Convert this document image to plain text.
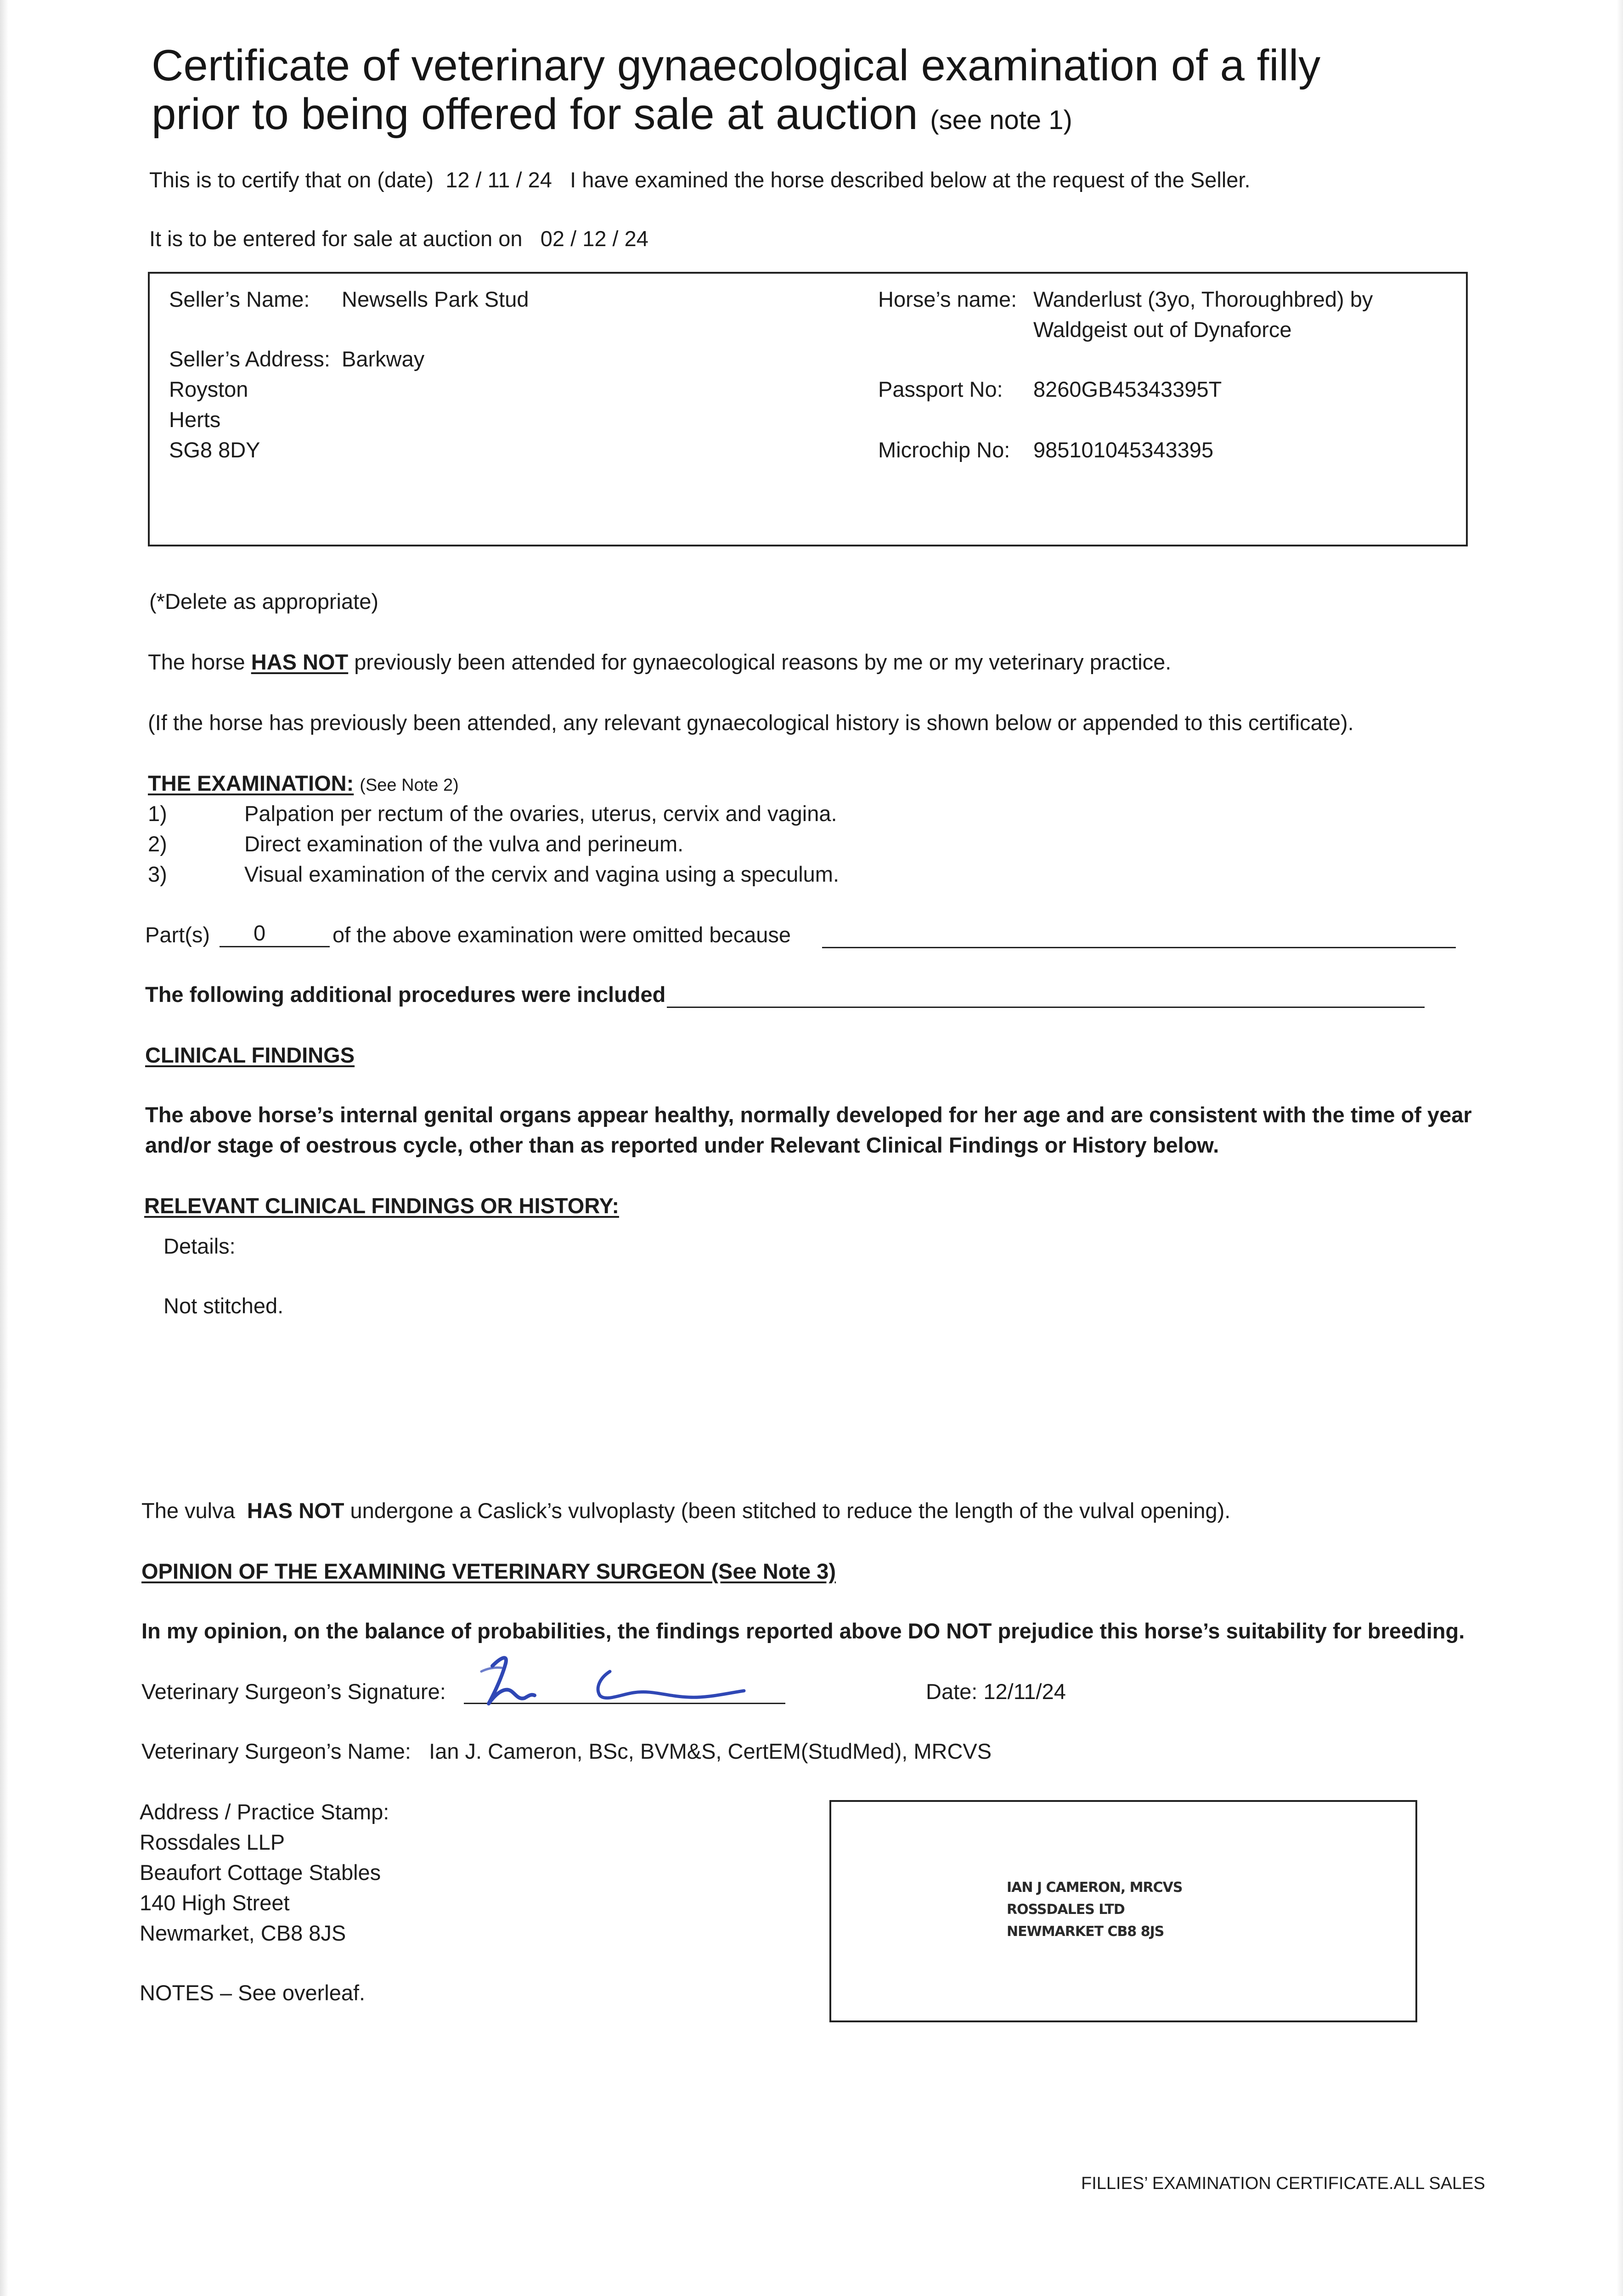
Certificate of veterinary gynaecological examination of a filly
prior to being offered for sale at auction (see note 1)
This is to certify that on (date) 12 / 11 / 24 I have examined the horse described below at the request of the Seller.
It is to be entered for sale at auction on 02 / 12 / 24
Seller’s Name: Newsells Park Stud
Seller’s Address: Barkway
Royston
Herts
SG8 8DY
Horse’s name: Wanderlust (3yo, Thoroughbred) by
Waldgeist out of Dynaforce
Passport No: 8260GB45343395T
Microchip No: 985101045343395
(*Delete as appropriate)
The horse HAS NOT previously been attended for gynaecological reasons by me or my veterinary practice.
(If the horse has previously been attended, any relevant gynaecological history is shown below or appended to this certificate).
THE EXAMINATION: (See Note 2)
1)	Palpation per rectum of the ovaries, uterus, cervix and vagina.
2)	Direct examination of the vulva and perineum.
3)	Visual examination of the cervix and vagina using a speculum.
Part(s) 0	of the above examination were omitted because
The following additional procedures were included
CLINICAL FINDINGS
The above horse’s internal genital organs appear healthy, normally developed for her age and are consistent with the time of year
and/or stage of oestrous cycle, other than as reported under Relevant Clinical Findings or History below.
RELEVANT CLINICAL FINDINGS OR HISTORY:
Details:
Not stitched.
The vulva HAS NOT undergone a Caslick’s vulvoplasty (been stitched to reduce the length of the vulval opening).
OPINION OF THE EXAMINING VETERINARY SURGEON (See Note 3)
In my opinion, on the balance of probabilities, the findings reported above DO NOT prejudice this horse’s suitability for breeding.
Veterinary Surgeon’s Signature:	Date: 12/11/24
Veterinary Surgeon’s Name: Ian J. Cameron, BSc, BVM&S, CertEM(StudMed), MRCVS
Address / Practice Stamp:
Rossdales LLP
Beaufort Cottage Stables
140 High Street
Newmarket, CB8 8JS
IAN J CAMERON, MRCVS
ROSSDALES LTD
NEWMARKET CB8 8JS
NOTES – See overleaf.
FILLIES’ EXAMINATION CERTIFICATE.ALL SALES
